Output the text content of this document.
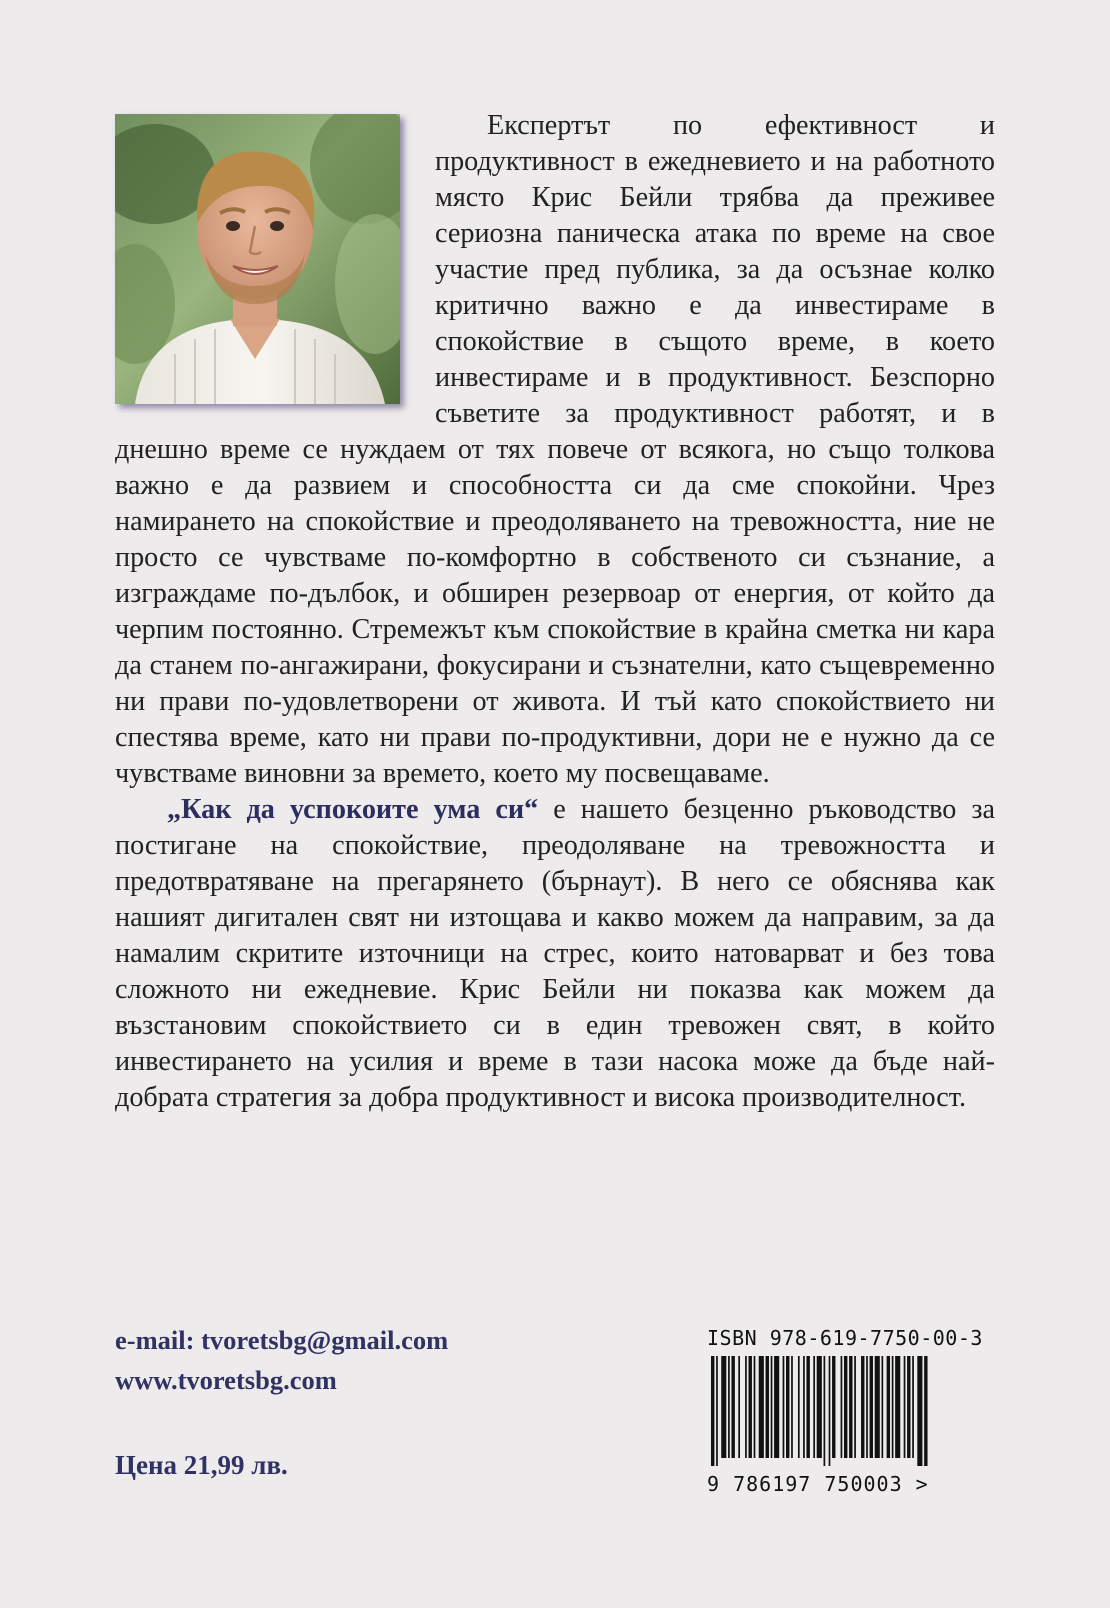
Експертът по ефективност и продуктивност в ежедневието и на работното място Крис Бейли трябва да преживее сериозна паническа атака по време на свое участие пред публика, за да осъзнае колко критично важно е да инвестираме в спокойствие в същото време, в което инвестираме и в продуктивност. Безспорно съветите за продуктивност работят, и в днешно време се нуждаем от тях повече от всякога, но също толкова важно е да развием и способността си да сме спокойни. Чрез намирането на спокойствие и преодоляването на тревожността, ние не просто се чувстваме по-комфортно в собственото си съзнание, а изграждаме по-дълбок, и обширен резервоар от енергия, от който да черпим постоянно. Стремежът към спокойствие в крайна сметка ни кара да станем по-ангажирани, фокусирани и съзнателни, като същевременно ни прави по-удовлетворени от живота. И тъй като спокойствието ни спестява време, като ни прави по-продуктивни, дори не е нужно да се чувстваме виновни за времето, което му посвещаваме.

„Как да успокоите ума си“ е нашето безценно ръководство за постигане на спокойствие, преодоляване на тревожността и предотвратяване на прегарянето (бърнаут). В него се обяснява как нашият дигитален свят ни изтощава и какво можем да направим, за да намалим скритите източници на стрес, които натоварват и без това сложното ни ежедневие. Крис Бейли ни показва как можем да възстановим спокойствието си в един тревожен свят, в който инвестирането на усилия и време в тази насока може да бъде най-добрата стратегия за добра продуктивност и висока производителност.

e-mail: tvoretsbg@gmail.com
www.tvoretsbg.com
Цена 21,99 лв.
ISBN 978-619-7750-00-3
9 786197 750003 >
